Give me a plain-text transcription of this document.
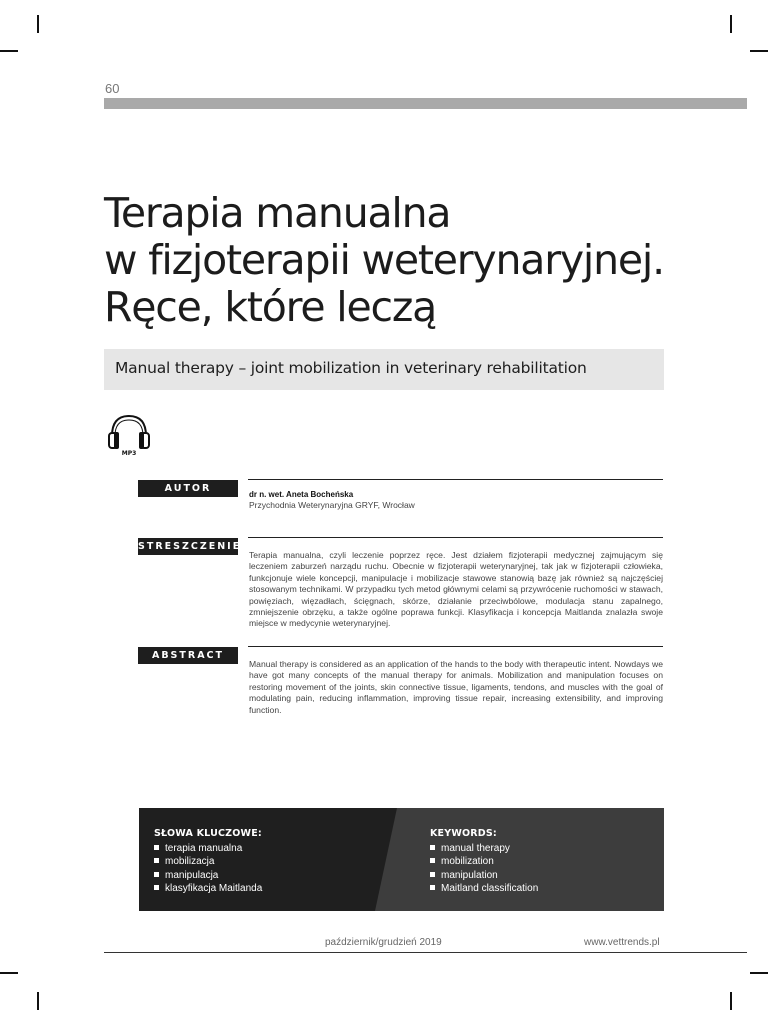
60
Terapia manualna
w fizjoterapii weterynaryjnej.
Ręce, które leczą
Manual therapy – joint mobilization in veterinary rehabilitation
MP3
AUTOR
dr n. wet. Aneta Bocheńska
Przychodnia Weterynaryjna GRYF, Wrocław
STRESZCZENIE
Terapia manualna, czyli leczenie poprzez ręce. Jest działem fizjoterapii medycznej zajmującym się leczeniem zaburzeń narządu ruchu. Obecnie w fizjoterapii weterynaryjnej, tak jak w fizjoterapii człowieka, funkcjonuje wiele koncepcji, manipulacje i mobilizacje stawowe stanowią bazę jak również są najczęściej stosowanym technikami. W przypadku tych metod głównymi celami są przywrócenie ruchomości w stawach, powięziach, więzadłach, ścięgnach, skórze, działanie przeciwbólowe, modulacja stanu zapalnego, zmniejszenie obrzęku, a także ogólne poprawa funkcji. Klasyfikacja i koncepcja Maitlanda znalazła swoje miejsce w medycynie weterynaryjnej.
ABSTRACT
Manual therapy is considered as an application of the hands to the body with therapeutic intent. Nowdays we have got many concepts of the manual therapy for animals. Mobilization and manipulation focuses on restoring movement of the joints, skin connective tissue, ligaments, tendons, and muscles with the goal of modulating pain, reducing inflammation, improving tissue repair, increasing extensibility, and improving function.
SŁOWA KLUCZOWE:
terapia manualna
mobilizacja
manipulacja
klasyfikacja Maitlanda
KEYWORDS:
manual therapy
mobilization
manipulation
Maitland classification
październik/grudzień 2019	www.vettrends.pl
